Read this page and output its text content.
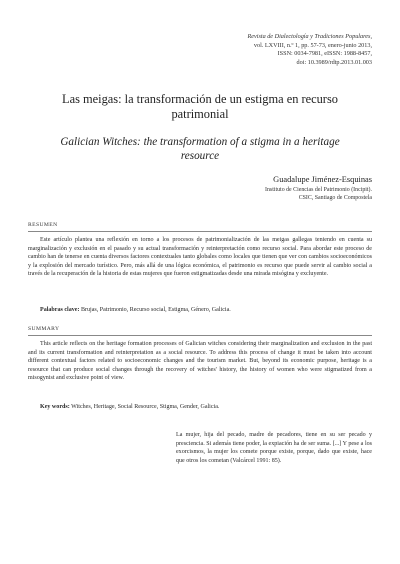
Revista de Dialectología y Tradiciones Populares,
vol. LXVIII, n.º 1, pp. 57-73, enero-junio 2013,
ISSN: 0034-7981, eISSN: 1988-8457,
doi: 10.3989/rdtp.2013.01.003
Las meigas: la transformación de un estigma en recurso patrimonial
Galician Witches: the transformation of a stigma in a heritage resource
Guadalupe Jiménez-Esquinas
Instituto de Ciencias del Patrimonio (Incipit).
CSIC, Santiago de Compostela
RESUMEN

Este artículo plantea una reflexión en torno a los procesos de patrimonialización de las meigas gallegas teniendo en cuenta su marginalización y exclusión en el pasado y su actual transformación y reinterpretación como recurso social. Para abordar este proceso de cambio han de tenerse en cuenta diversos factores contextuales tanto globales como locales que tienen que ver con cambios socioeconómicos y la explosión del mercado turístico. Pero, más allá de una lógica económica, el patrimonio es recurso que puede servir al cambio social a través de la recuperación de la historia de estas mujeres que fueron estigmatizadas desde una mirada misógina y excluyente.

Palabras clave: Brujas, Patrimonio, Recurso social, Estigma, Género, Galicia.
SUMMARY

This article reflects on the heritage formation processes of Galician witches considering their marginalization and exclusion in the past and its current transformation and reinterpretation as a social resource. To address this process of change it must be taken into account different contextual factors related to socioeconomic changes and the tourism market. But, beyond its economic purpose, heritage is a resource that can produce social changes through the recovery of witches' history, the history of women who were stigmatized from a misogynist and exclusive point of view.

Key words: Witches, Heritage, Social Resource, Stigma, Gender, Galicia.

La mujer, hija del pecado, madre de pecadores, tiene en su ser pecado y presciencia. Si además tiene poder, la expiación ha de ser suma. [...] Y pese a los exorcismos, la mujer los comete porque existe, porque, dado que existe, hace que otros los cometan (Valcárcel 1991: 85).
